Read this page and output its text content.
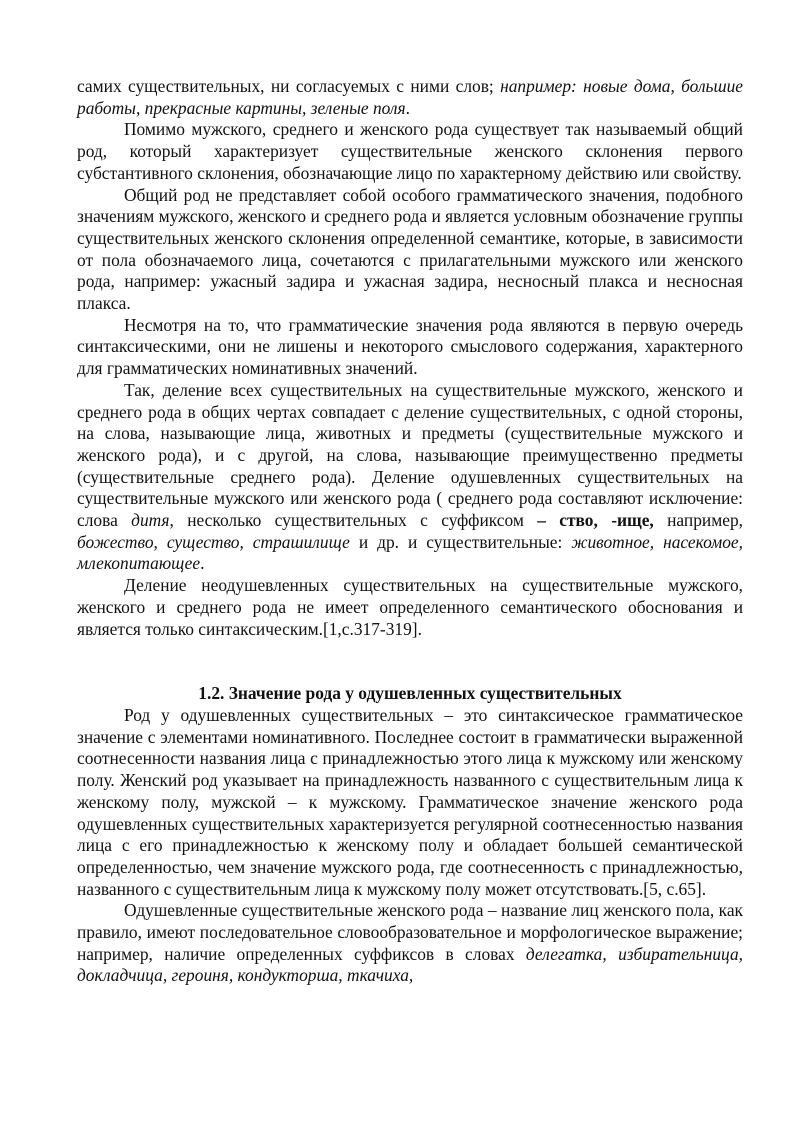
самих существительных, ни согласуемых с ними слов; например: новые дома, большие работы, прекрасные картины, зеленые поля.

Помимо мужского, среднего и женского рода существует так называемый общий род, который характеризует существительные женского склонения первого субстантивного склонения, обозначающие лицо по характерному действию или свойству.

Общий род не представляет собой особого грамматического значения, подобного значениям мужского, женского и среднего рода и является условным обозначение группы существительных женского склонения определенной семантике, которые, в зависимости от пола обозначаемого лица, сочетаются с прилагательными мужского или женского рода, например: ужасный задира и ужасная задира, несносный плакса и несносная плакса.

Несмотря на то, что грамматические значения рода являются в первую очередь синтаксическими, они не лишены и некоторого смыслового содержания, характерного для грамматических номинативных значений.

Так, деление всех существительных на существительные мужского, женского и среднего рода в общих чертах совпадает с деление существительных, с одной стороны, на слова, называющие лица, животных и предметы (существительные мужского и женского рода), и с другой, на слова, называющие преимущественно предметы (существительные среднего рода). Деление одушевленных существительных на существительные мужского или женского рода ( среднего рода составляют исключение: слова дитя, несколько существительных с суффиксом – ство, -ище, например, божество, существо, страшилище и др. и существительные: животное, насекомое, млекопитающее.

Деление неодушевленных существительных на существительные мужского, женского и среднего рода не имеет определенного семантического обоснования и является только синтаксическим.[1,с.317-319].

1.2. Значение рода у одушевленных существительных

Род у одушевленных существительных – это синтаксическое грамматическое значение с элементами номинативного. Последнее состоит в грамматически выраженной соотнесенности названия лица с принадлежностью этого лица к мужскому или женскому полу. Женский род указывает на принадлежность названного с существительным лица к женскому полу, мужской – к мужскому. Грамматическое значение женского рода одушевленных существительных характеризуется регулярной соотнесенностью названия лица с его принадлежностью к женскому полу и обладает большей семантической определенностью, чем значение мужского рода, где соотнесенность с принадлежностью, названного с существительным лица к мужскому полу может отсутствовать.[5, с.65].

Одушевленные существительные женского рода – название лиц женского пола, как правило, имеют последовательное словообразовательное и морфологическое выражение; например, наличие определенных суффиксов в словах делегатка, избирательница, докладчица, героиня, кондукторша, ткачиха,
